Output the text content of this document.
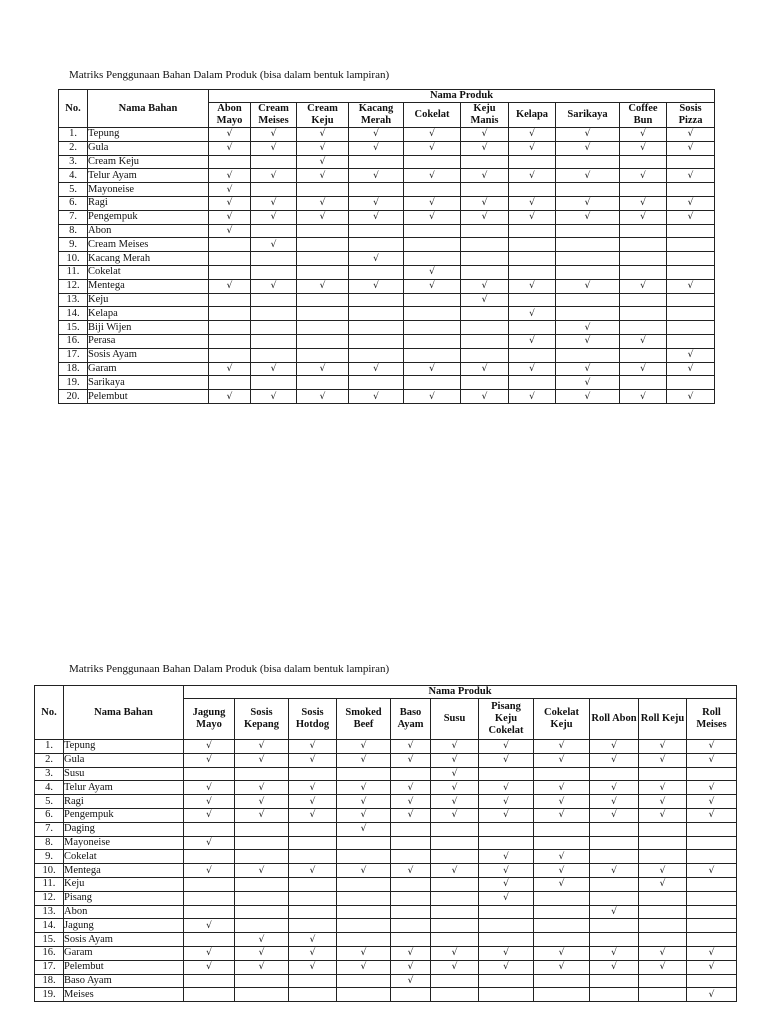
Matriks Penggunaan Bahan Dalam Produk (bisa dalam bentuk lampiran)
No.	Nama Bahan	Nama Produk									
		Abon Mayo	Cream Meises	Cream Keju	Kacang Merah	Cokelat	Keju Manis	Kelapa	Sarikaya	Coffee Bun	Sosis Pizza
1.	Tepung	√	√	√	√	√	√	√	√	√	√
2.	Gula	√	√	√	√	√	√	√	√	√	√
3.	Cream Keju			√							
4.	Telur Ayam	√	√	√	√	√	√	√	√	√	√
5.	Mayoneise	√									
6.	Ragi	√	√	√	√	√	√	√	√	√	√
7.	Pengempuk	√	√	√	√	√	√	√	√	√	√
8.	Abon	√									
9.	Cream Meises		√								
10.	Kacang Merah				√						
11.	Cokelat					√					
12.	Mentega	√	√	√	√	√	√	√	√	√	√
13.	Keju						√				
14.	Kelapa							√			
15.	Biji Wijen								√		
16.	Perasa							√	√	√	
17.	Sosis Ayam										√
18.	Garam	√	√	√	√	√	√	√	√	√	√
19.	Sarikaya								√		
20.	Pelembut	√	√	√	√	√	√	√	√	√	√
Matriks Penggunaan Bahan Dalam Produk (bisa dalam bentuk lampiran)
No.	Nama Bahan	Nama Produk										
		Jagung Mayo	Sosis Kepang	Sosis Hotdog	Smoked Beef	Baso Ayam	Susu	Pisang Keju Cokelat	Cokelat Keju	Roll Abon	Roll Keju	Roll Meises
1.	Tepung	√	√	√	√	√	√	√	√	√	√	√
2.	Gula	√	√	√	√	√	√	√	√	√	√	√
3.	Susu						√					
4.	Telur Ayam	√	√	√	√	√	√	√	√	√	√	√
5.	Ragi	√	√	√	√	√	√	√	√	√	√	√
6.	Pengempuk	√	√	√	√	√	√	√	√	√	√	√
7.	Daging				√							
8.	Mayoneise	√										
9.	Cokelat							√	√			
10.	Mentega	√	√	√	√	√	√	√	√	√	√	√
11.	Keju							√	√		√	
12.	Pisang							√				
13.	Abon									√		
14.	Jagung	√										
15.	Sosis Ayam		√	√								
16.	Garam	√	√	√	√	√	√	√	√	√	√	√
17.	Pelembut	√	√	√	√	√	√	√	√	√	√	√
18.	Baso Ayam					√						
19.	Meises											√
